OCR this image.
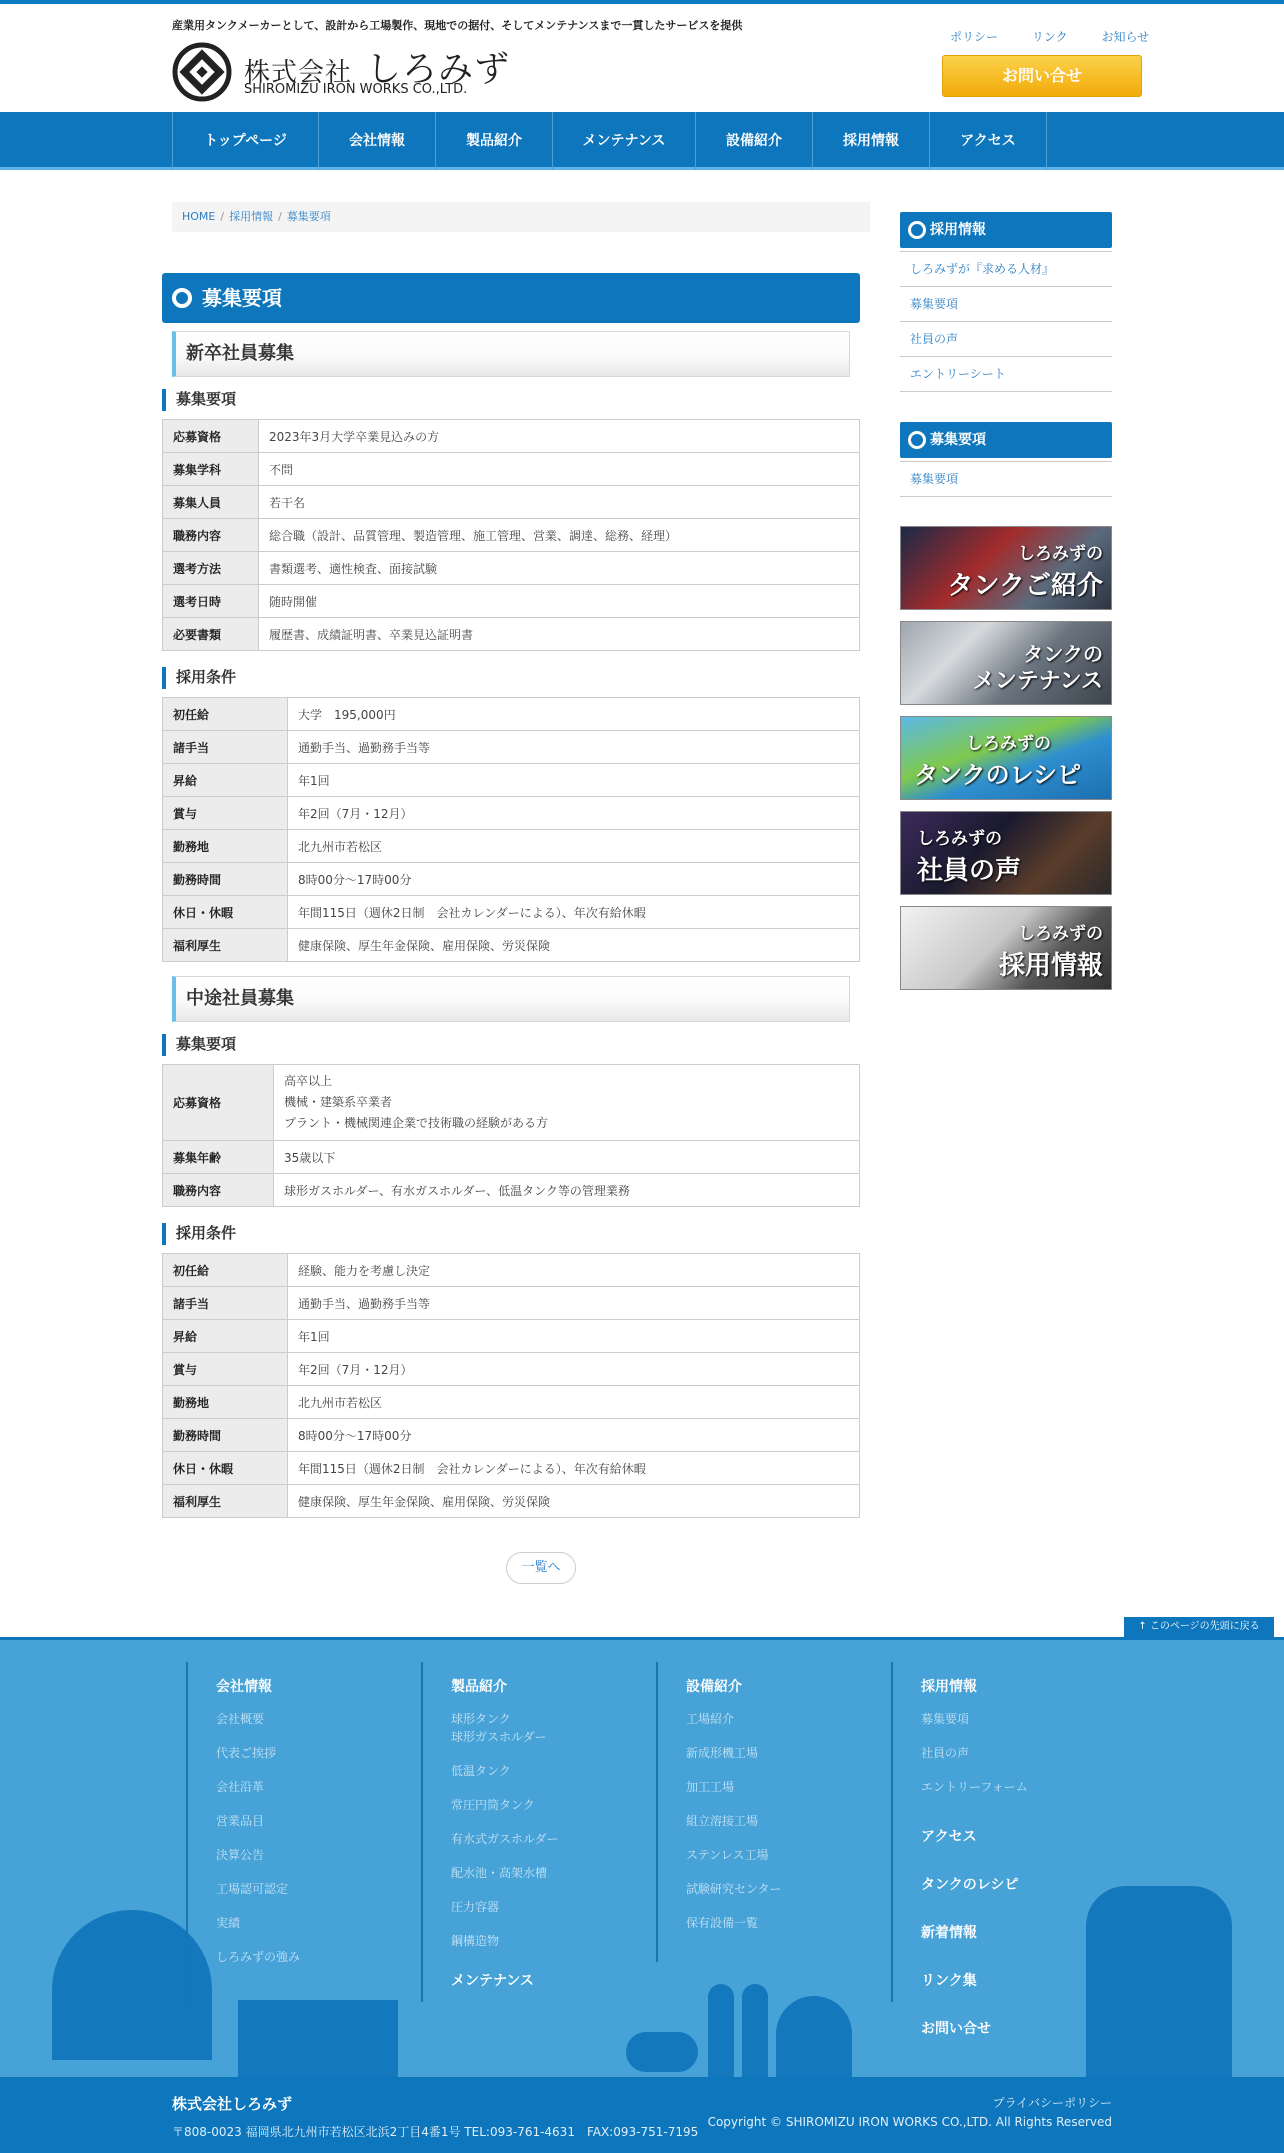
産業用タンクメーカーとして、設計から工場製作、現地での据付、そしてメンテナンスまで一貫したサービスを提供
株式会社 しろみず
SHIROMIZU IRON WORKS CO.,LTD.
ポリシー	リンク	お知らせ
お問い合せ
トップページ	会社情報	製品紹介	メンテナンス	設備紹介	採用情報	アクセス
HOME / 採用情報 / 募集要項
募集要項
新卒社員募集
募集要項
応募資格	2023年3月大学卒業見込みの方
募集学科	不問
募集人員	若干名
職務内容	総合職（設計、品質管理、製造管理、施工管理、営業、調達、総務、経理）
選考方法	書類選考、適性検査、面接試験
選考日時	随時開催
必要書類	履歴書、成績証明書、卒業見込証明書
採用条件
初任給	大学　195,000円
諸手当	通勤手当、過勤務手当等
昇給	年1回
賞与	年2回（7月・12月）
勤務地	北九州市若松区
勤務時間	8時00分〜17時00分
休日・休暇	年間115日（週休2日制　会社カレンダーによる）、年次有給休暇
福利厚生	健康保険、厚生年金保険、雇用保険、労災保険
中途社員募集
募集要項
応募資格	高卒以上
機械・建築系卒業者
プラント・機械関連企業で技術職の経験がある方

募集年齢	35歳以下
職務内容	球形ガスホルダー、有水ガスホルダー、低温タンク等の管理業務
採用条件
初任給	経験、能力を考慮し決定
諸手当	通勤手当、過勤務手当等
昇給	年1回
賞与	年2回（7月・12月）
勤務地	北九州市若松区
勤務時間	8時00分〜17時00分
休日・休暇	年間115日（週休2日制　会社カレンダーによる）、年次有給休暇
福利厚生	健康保険、厚生年金保険、雇用保険、労災保険
一覧へ
採用情報
しろみずが『求める人材』
募集要項
社員の声
エントリーシート
募集要項
募集要項
しろみずの
タンクご紹介
タンクの
メンテナンス
しろみずの
タンクのレシピ
しろみずの
社員の声
しろみずの
採用情報
↑ このページの先頭に戻る
会社情報
会社概要
代表ご挨拶
会社沿革
営業品目
決算公告
工場認可認定
実績
しろみずの強み
製品紹介
球形タンク
球形ガスホルダー
低温タンク
常圧円筒タンク
有水式ガスホルダー
配水池・高架水槽
圧力容器
鋼構造物
メンテナンス
設備紹介
工場紹介
新成形機工場
加工工場
組立溶接工場
ステンレス工場
試験研究センター
保有設備一覧
採用情報
募集要項
社員の声
エントリーフォーム
アクセス
タンクのレシピ
新着情報
リンク集
お問い合せ
株式会社しろみず
〒808-0023 福岡県北九州市若松区北浜2丁目4番1号 TEL:093-761-4631　FAX:093-751-7195
プライバシーポリシー
Copyright © SHIROMIZU IRON WORKS CO.,LTD. All Rights Reserved
